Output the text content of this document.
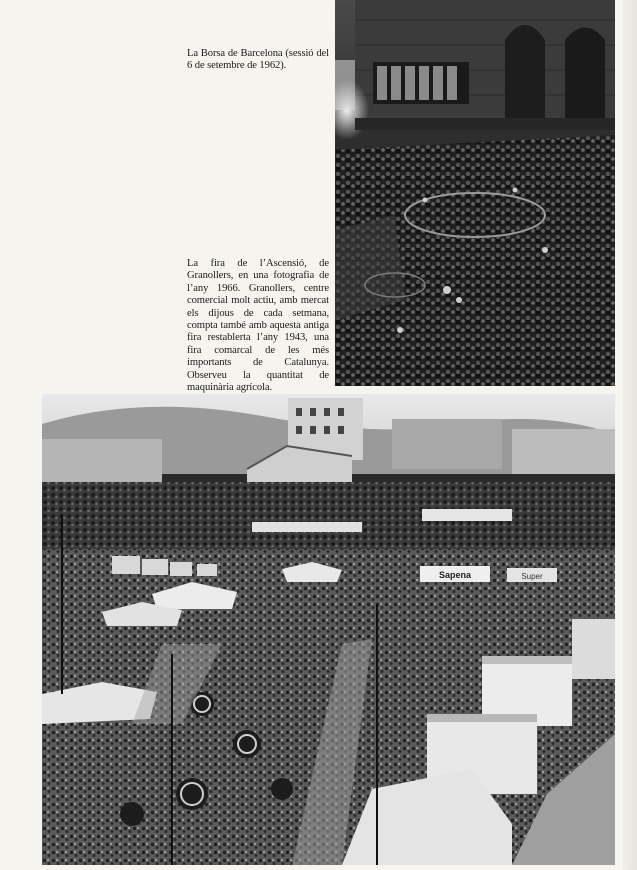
La Borsa de Barcelona (sessió del 6 de setembre de 1962).

La fira de l’Ascensió, de Granollers, en una fotografia de l’any 1966. Granollers, centre comercial molt actiu, amb mercat els dijous de cada setmana, compta també amb aquesta antiga fira restablerta l’any 1943, una fira comarcal de les més importants de Catalunya. Observeu la quantitat de maquinària agrícola.

Sapena	Super
